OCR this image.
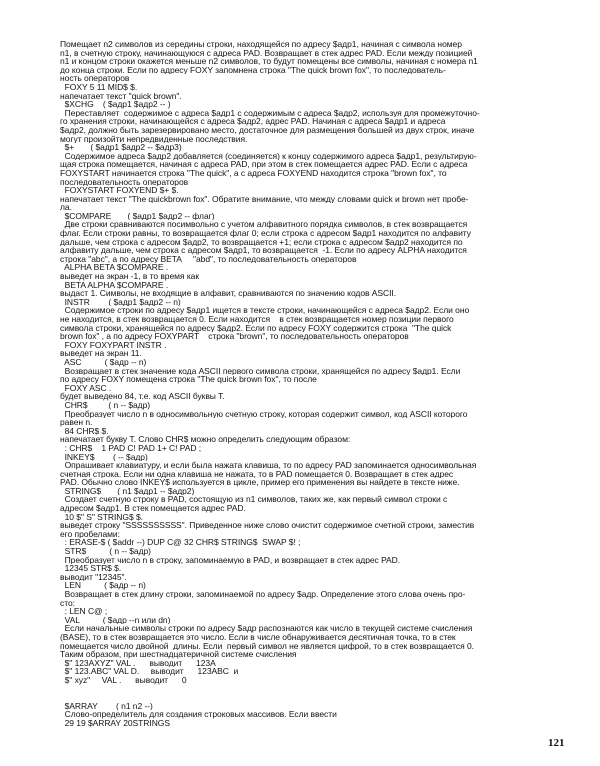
Помещает n2 символов из середины строки, находящейся по адресу $адр1, начиная с символа номер
n1, в счетную строку, начинающуюся с адреса PAD. Возвращает в стек адрес PAD. Если между позицией
n1 и концом строки окажется меньше n2 символов, то будут помещены все символы, начиная с номера n1
до конца строки. Если по адресу FOXY запомнена строка "The quick brown fox", то последователь-
ность операторов
FOXY 5 11 MID$ $.
напечатает текст "quick brown".
$XCHG    ( $адр1 $адр2 -- )
Переставляет  содержимое с адреса $адр1 с содержимым с адреса $адр2, используя для промежуточно-
го хранения строки, начинающейся с адреса $адр2, адрес PAD. Начиная с адреса $адр1 и адреса
$адр2, должно быть зарезервировано место, достаточное для размещения большей из двух строк, иначе
могут произойти непредвиденные последствия.
$+       ( $адр1 $адр2 -- $адр3)
Содержимое адреса $адр2 добавляется (соединяется) к концу содержимого адреса $адр1, результирую-
щая строка помещается, начиная с адреса PAD, при этом в стек помещается адрес PAD. Если с адреса
FOXYSTART начинается строка "The quick", а с адреса FOXYEND находится строка "brown fox", то
последовательность операторов
FOXYSTART FOXYEND $+ $.
напечатает текст "The quickbrown fox". Обратите внимание, что между словами quick и brown нет пробе-
ла.
$COMPARE       ( $адр1 $адр2 -- флаг)
Две строки сравниваются посимвольно с учетом алфавитного порядка символов, в стек возвращается
флаг. Если строки равны, то возвращается флаг 0; если строка с адресом $адр1 находится по алфавиту
дальше, чем строка с адресом $адр2, то возвращается +1; если строка с адресом $адр2 находится по
алфавиту дальше, чем строка с адресом $адр1, то возвращается  -1. Если по адресу ALPHA находится
строка "abc", а по адресу BETA     "abd", то последовательность операторов
ALPHA BETA $COMPARE .
выведет на экран -1, в то время как
BETA ALPHA $COMPARE .
выдаст 1. Символы, не входящие в алфавит, сравниваются по значению кодов ASCII.
INSTR        ( $адр1 $адр2 -- n)
Содержимое строки по адресу $адр1 ищется в тексте строки, начинающейся с адреса $адр2. Если оно
не находится, в стек возвращается 0. Если находится    в стек возвращается номер позиции первого
символа строки, хранящейся по адресу $адр2. Если по адресу FOXY содержится строка  "The quick
brown fox" , а по адресу FOXYPART    строка "brown", то последовательность операторов
FOXY FOXYPART INSTR .
выведет на экран 11.
ASC          ( $адр -- n)
Возвращает в стек значение кода ASCII первого символа строки, хранящейся по адресу $адр1. Если
по адресу FOXY помещена строка "The quick brown fox", то после
FOXY ASC .
будет выведено 84, т.е. код ASCII буквы T.
CHR$         ( n -- $адр)
Преобразует число n в односимвольную счетную строку, которая содержит символ, код ASCII которого
равен n.
84 CHR$ $.
напечатает букву T. Слово CHR$ можно определить следующим образом:
: CHR$    1 PAD C! PAD 1+ C! PAD ;
INKEY$        ( -- $адр)
Опрашивает клавиатуру, и если была нажата клавиша, то по адресу PAD запоминается односимвольная
счетная строка. Если ни одна клавиша не нажата, то в PAD помещается 0. Возвращает в стек адрес
PAD. Обычно слово INKEY$ используется в цикле, пример его применения вы найдете в тексте ниже.
STRING$       ( n1 $адр1 -- $адр2)
Создает счетную строку в PAD, состоящую из n1 символов, таких же, как первый символ строки с
адресом $адр1. В стек помещается адрес PAD.
10 $" S" STRING$ $.
выведет строку "SSSSSSSSSS". Приведенное ниже слово очистит содержимое счетной строки, заместив
его пробелами:
: ERASE-$ ( $addr --) DUP C@ 32 CHR$ STRING$  SWAP $! ;
STR$          ( n -- $адр)
Преобразует число n в строку, запоминаемую в PAD, и возвращает в стек адрес PAD.
12345 STR$ $.
выводит "12345".
LEN          ( $адр -- n)
Возвращает в стек длину строки, запоминаемой по адресу $адр. Определение этого слова очень про-
сто:
: LEN C@ ;
VAL          ( $адр --n или dn)
Если начальные символы строки по адресу $адр распознаются как число в текущей системе счисления
(BASE), то в стек возвращается это число. Если в числе обнаруживается десятичная точка, то в стек
помещается число двойной  длины. Если  первый символ не является цифрой, то в стек возвращается 0.
Таким образом, при шестнадцатеричной системе счисления
$" 123AXYZ" VAL .      выводит      123A
$" 123.ABC" VAL D.     выводит      123ABC  и
$" xyz"     VAL .      выводит      0
$ARRAY        ( n1 n2 --)
Слово-определитель для создания строковых массивов. Если ввести
29 19 $ARRAY 20STRINGS
121
